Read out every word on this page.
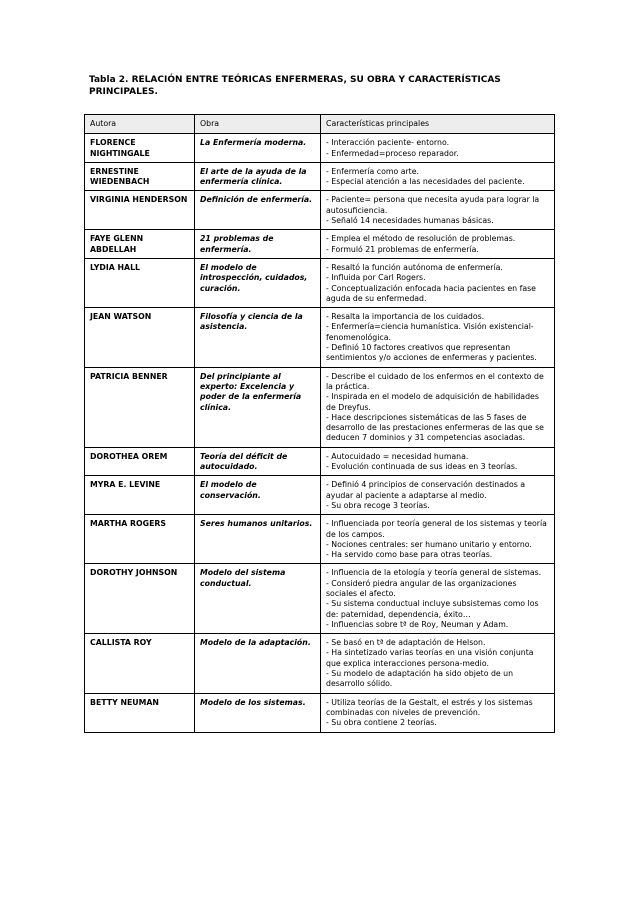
Tabla 2. RELACIÓN ENTRE TEÓRICAS ENFERMERAS, SU OBRA Y CARACTERÍSTICAS PRINCIPALES.
Autora	Obra	Características principales
FLORENCE NIGHTINGALE	La Enfermería moderna.	- Interacción paciente- entorno.
- Enfermedad=proceso reparador.

ERNESTINE WIEDENBACH	El arte de la ayuda de la enfermería clínica.	- Enfermería como arte.
- Especial atención a las necesidades del paciente.

VIRGINIA HENDERSON	Definición de enfermería.	- Paciente= persona que necesita ayuda para lograr la autosuficiencia.
- Señaló 14 necesidades humanas básicas.

FAYE GLENN ABDELLAH	21 problemas de enfermería.	- Emplea el método de resolución de problemas.
- Formuló 21 problemas de enfermería.

LYDIA HALL	El modelo de introspección, cuidados, curación.	- Resaltó la función autónoma de enfermería.
- Influida por Carl Rogers.
- Conceptualización enfocada hacia pacientes en fase aguda de su enfermedad.

JEAN WATSON	Filosofía y ciencia de la asistencia.	- Resalta la importancia de los cuidados.
- Enfermería=ciencia humanística. Visión existencial-fenomenológica.
- Definió 10 factores creativos que representan sentimientos y/o acciones de enfermeras y pacientes.

PATRICIA BENNER	Del principiante al experto: Excelencia y poder de la enfermería clínica.	- Describe el cuidado de los enfermos en el contexto de la práctica.
- Inspirada en el modelo de adquisición de habilidades de Dreyfus.
- Hace descripciones sistemáticas de las 5 fases de desarrollo de las prestaciones enfermeras de las que se deducen 7 dominios y 31 competencias asociadas.

DOROTHEA OREM	Teoría del déficit de autocuidado.	- Autocuidado = necesidad humana.
- Evolución continuada de sus ideas en 3 teorías.

MYRA E. LEVINE	El modelo de conservación.	- Definió 4 principios de conservación destinados a ayudar al paciente a adaptarse al medio.
- Su obra recoge 3 teorías.

MARTHA ROGERS	Seres humanos unitarios.	- Influenciada por teoría general de los sistemas y teoría de los campos.
- Nociones centrales: ser humano unitario y entorno.
- Ha servido como base para otras teorías.

DOROTHY JOHNSON	Modelo del sistema conductual.	- Influencia de la etología y teoría general de sistemas.
- Consideró piedra angular de las organizaciones sociales el afecto.
- Su sistema conductual incluye subsistemas como los de: paternidad, dependencia, éxito…
- Influencias sobre tª de Roy, Neuman y Adam.

CALLISTA ROY	Modelo de la adaptación.	- Se basó en tª de adaptación de Helson.
- Ha sintetizado varias teorías en una visión conjunta que explica interacciones persona-medio.
- Su modelo de adaptación ha sido objeto de un desarrollo sólido.

BETTY NEUMAN	Modelo de los sistemas.	- Utiliza teorías de la Gestalt, el estrés y los sistemas combinadas con niveles de prevención.
- Su obra contiene 2 teorías.
